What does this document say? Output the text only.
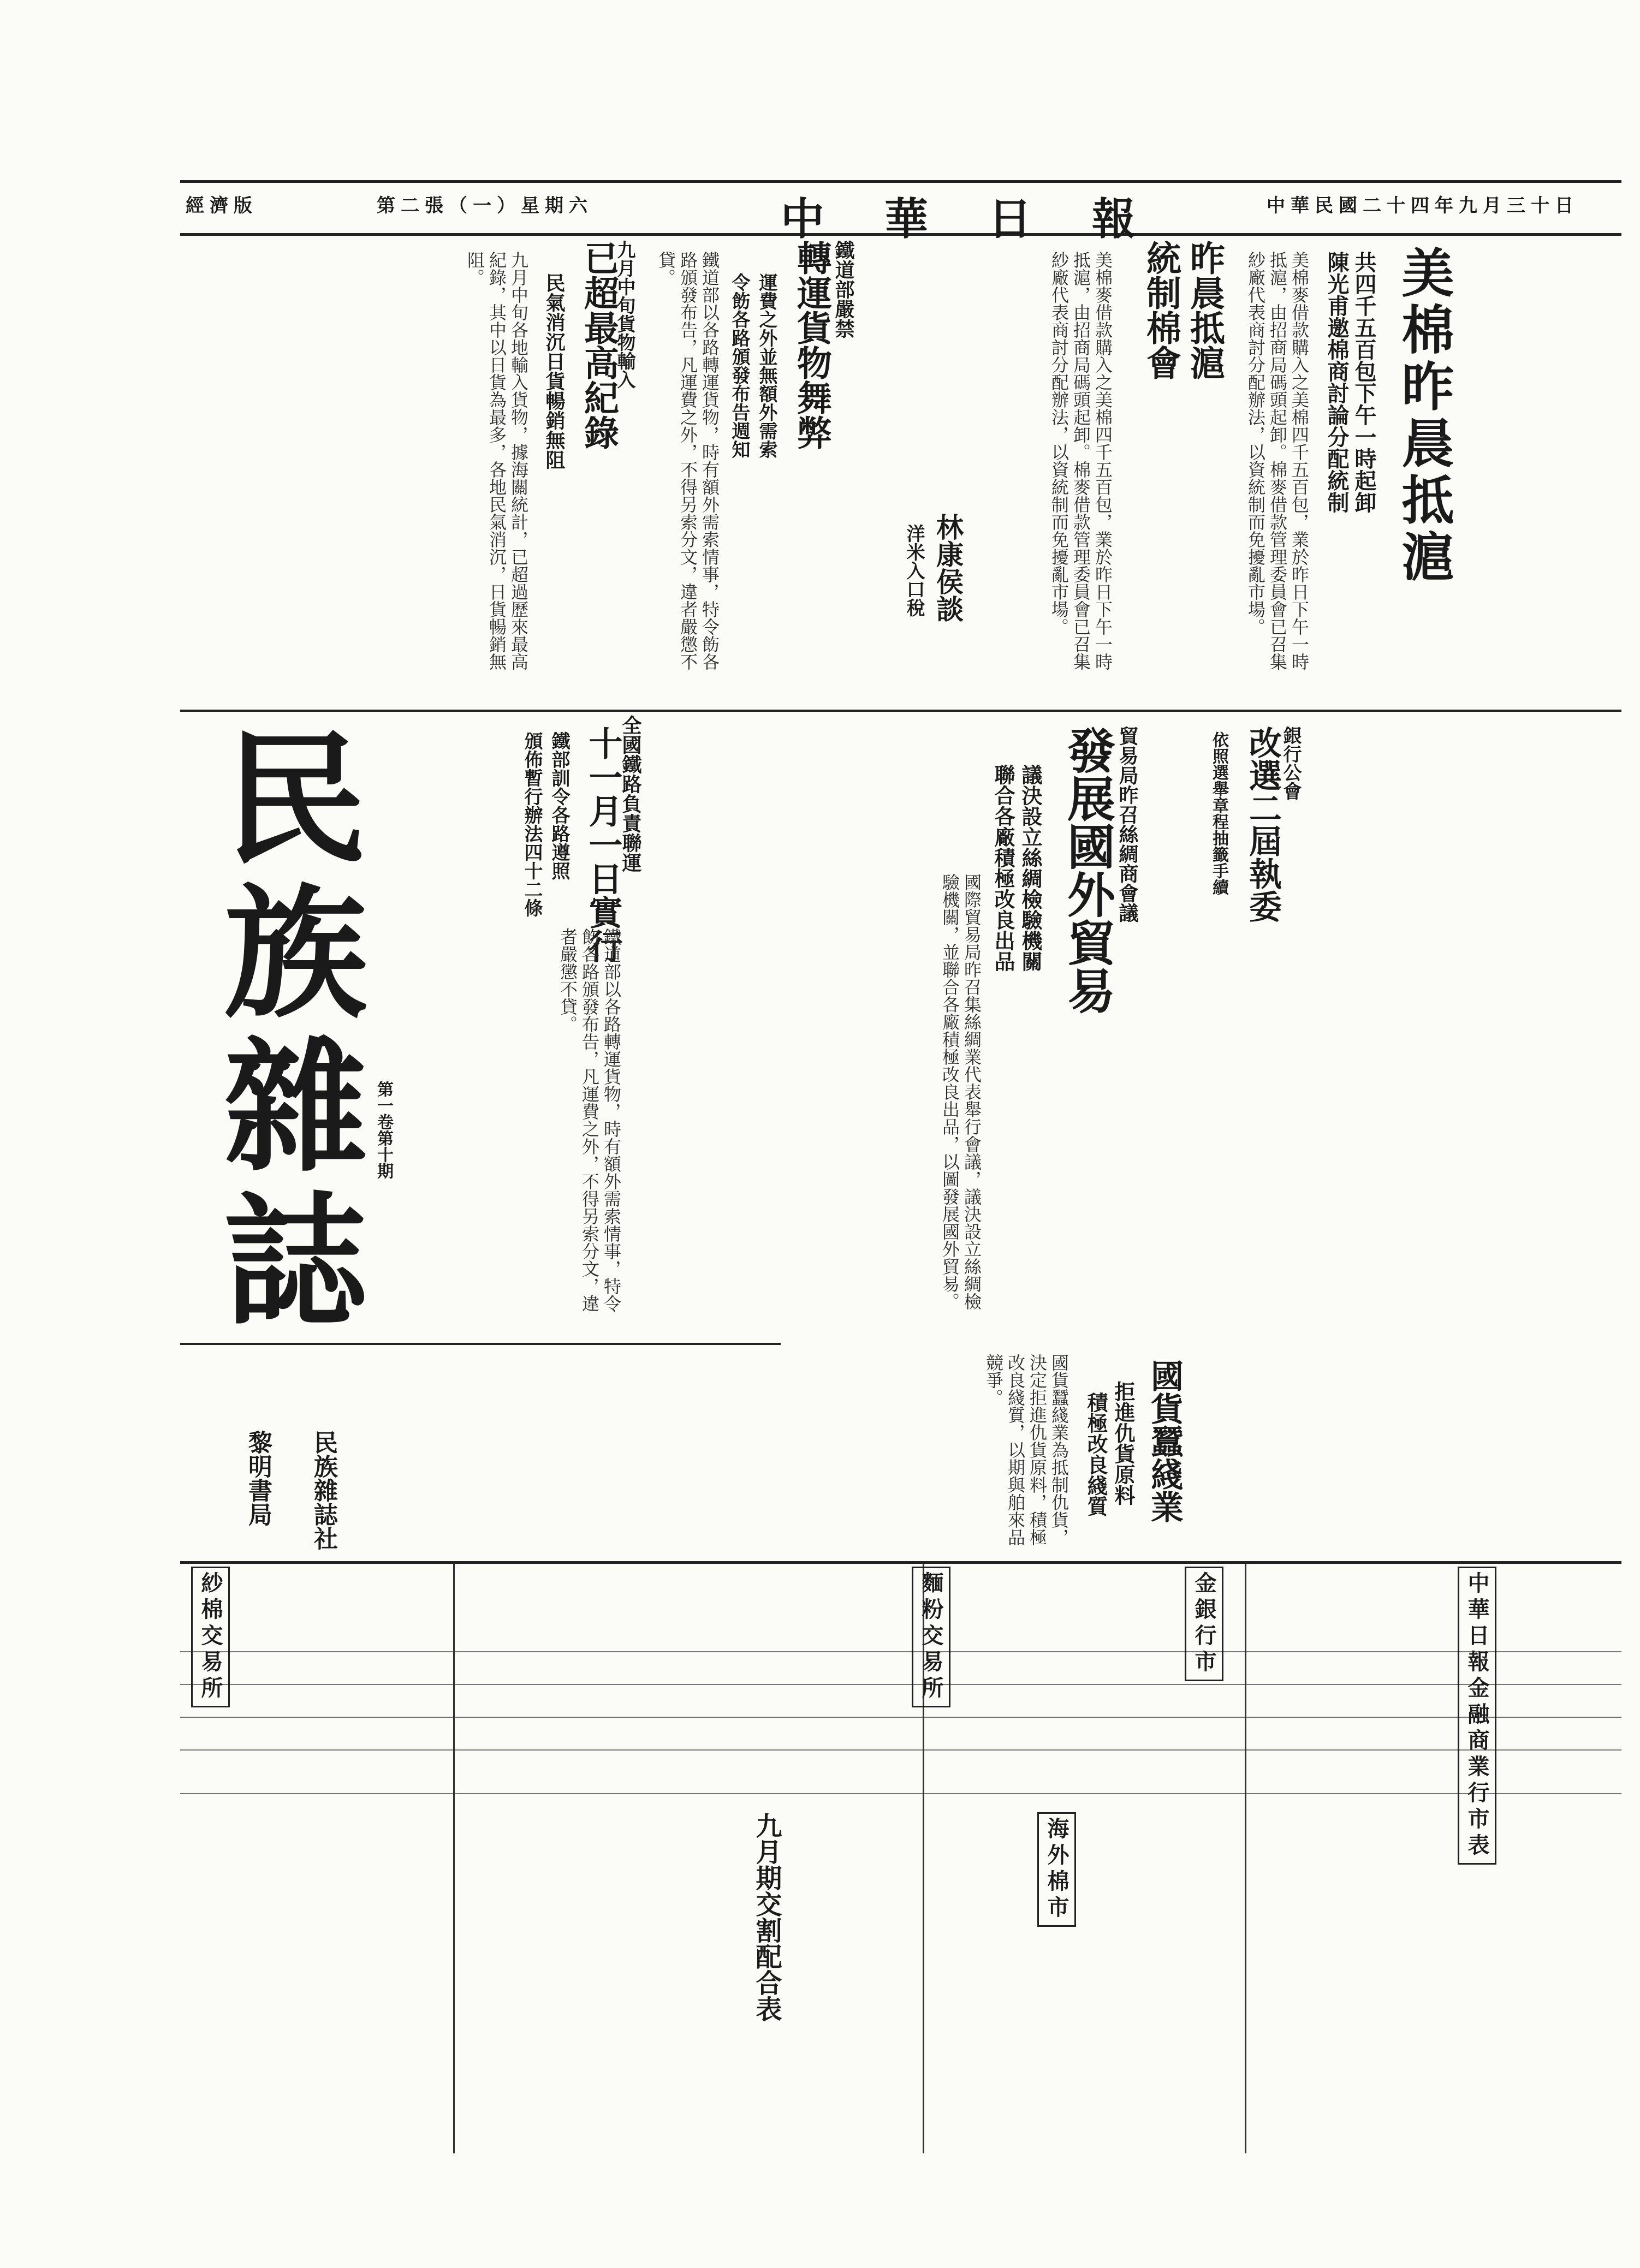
經濟版	第二張（一）星期六	中華日報	中華民國二十四年九月三十日
美棉昨晨抵滬
共四千五百包下午一時起卸
陳光甫邀棉商討論分配統制
昨晨抵滬
統制棉會	美棉麥借款購入之美棉四千五百包，業於昨日下午一時抵滬，由招商局碼頭起卸。棉麥借款管理委員會已召集紗廠代表商討分配辦法，以資統制而免擾亂市場。
美棉麥借款購入之美棉四千五百包，業於昨日下午一時抵滬，由招商局碼頭起卸。棉麥借款管理委員會已召集紗廠代表商討分配辦法，以資統制而免擾亂市場。
鐵道部嚴禁
轉運貨物舞弊
運費之外並無額外需索
令飭各路頒發布告週知
鐵道部以各路轉運貨物，時有額外需索情事，特令飭各路頒發布告，凡運費之外，不得另索分文，違者嚴懲不貸。
九月中旬貨物輸入
已超最高紀錄
民氣消沉日貨暢銷無阻
九月中旬各地輸入貨物，據海關統計，已超過歷來最高紀錄，其中以日貨為最多，各地民氣消沉，日貨暢銷無阻。
林康侯談
洋米入口稅
貿易局昨召絲綢商會議
發展國外貿易
議決設立絲綢檢驗機關
聯合各廠積極改良出品
國際貿易局昨召集絲綢業代表舉行會議，議決設立絲綢檢驗機關，並聯合各廠積極改良出品，以圖發展國外貿易。
銀行公會
改選二屆執委
依照選舉章程抽籤手續
全國鐵路負責聯運
十一月一日實行
鐵部訓令各路遵照
頒佈暫行辦法四十二條
鐵道部以各路轉運貨物，時有額外需索情事，特令飭各路頒發布告，凡運費之外，不得另索分文，違者嚴懲不貸。
民族雜誌 第一卷第十期
國貨蠶綫業
拒進仇貨原料
積極改良綫質
國貨蠶綫業為抵制仇貨，決定拒進仇貨原料，積極改良綫質，以期與舶來品競爭。
民族雜誌社
黎明書局
中華日報金融商業行市表
金銀行市
麵粉交易所
紗棉交易所
海外棉市
九月期交割配合表
